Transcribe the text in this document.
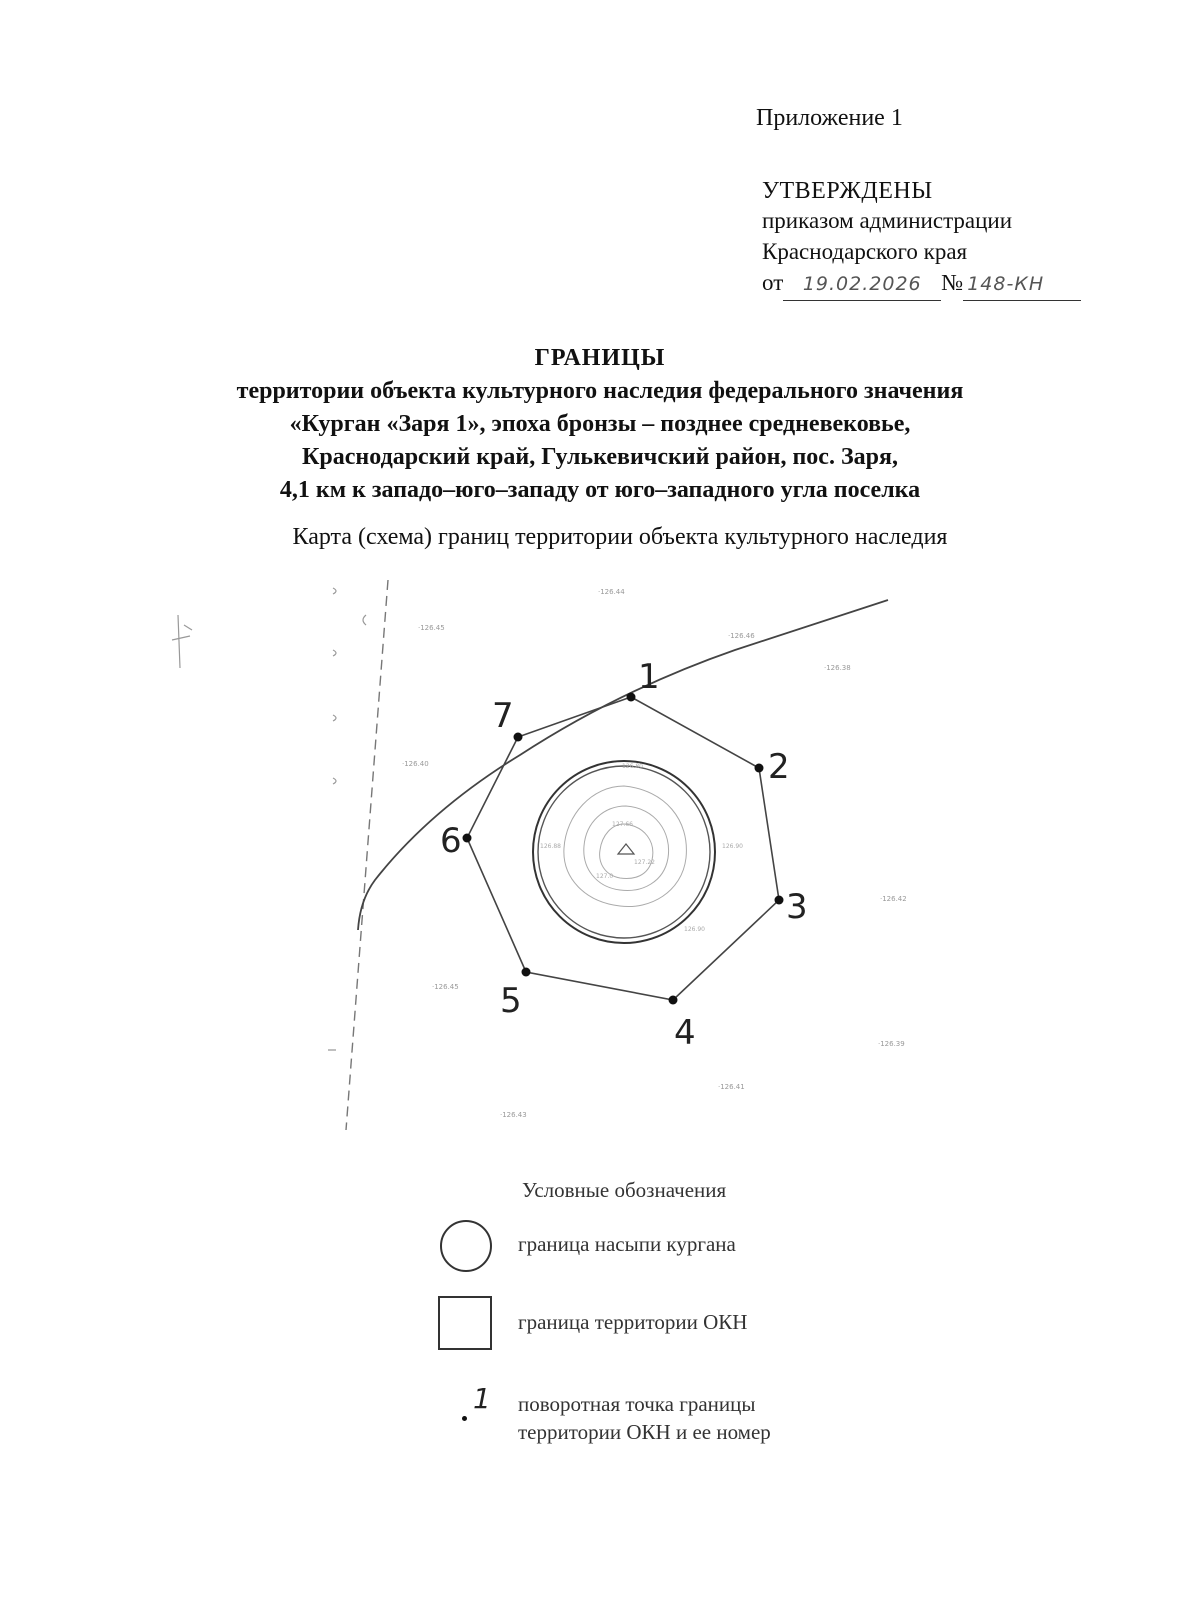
Приложение 1
УТВЕРЖДЕНЫ
приказом администрации
Краснодарского края
от 19.02.2026 № 148-КН
ГРАНИЦЫ
территории объекта культурного наследия федерального значения
«Курган «Заря 1», эпоха бронзы – позднее средневековье,
Краснодарский край, Гулькевичский район, пос. Заря,
4,1 км к западо–юго–западу от юго–западного угла поселка
Карта (схема) границ территории объекта культурного наследия
·126.44
·126.45
·126.46
·126.38
·126.40
·126.42
·126.45
·126.39
·126.41
·126.43
126.80
126.88	126.90
127.66
127.22
127.0
126.90
1
2
3
4
5
6
7
Условные обозначения
граница насыпи кургана
граница территории ОКН
1 поворотная точка границы
территории ОКН и ее номер
